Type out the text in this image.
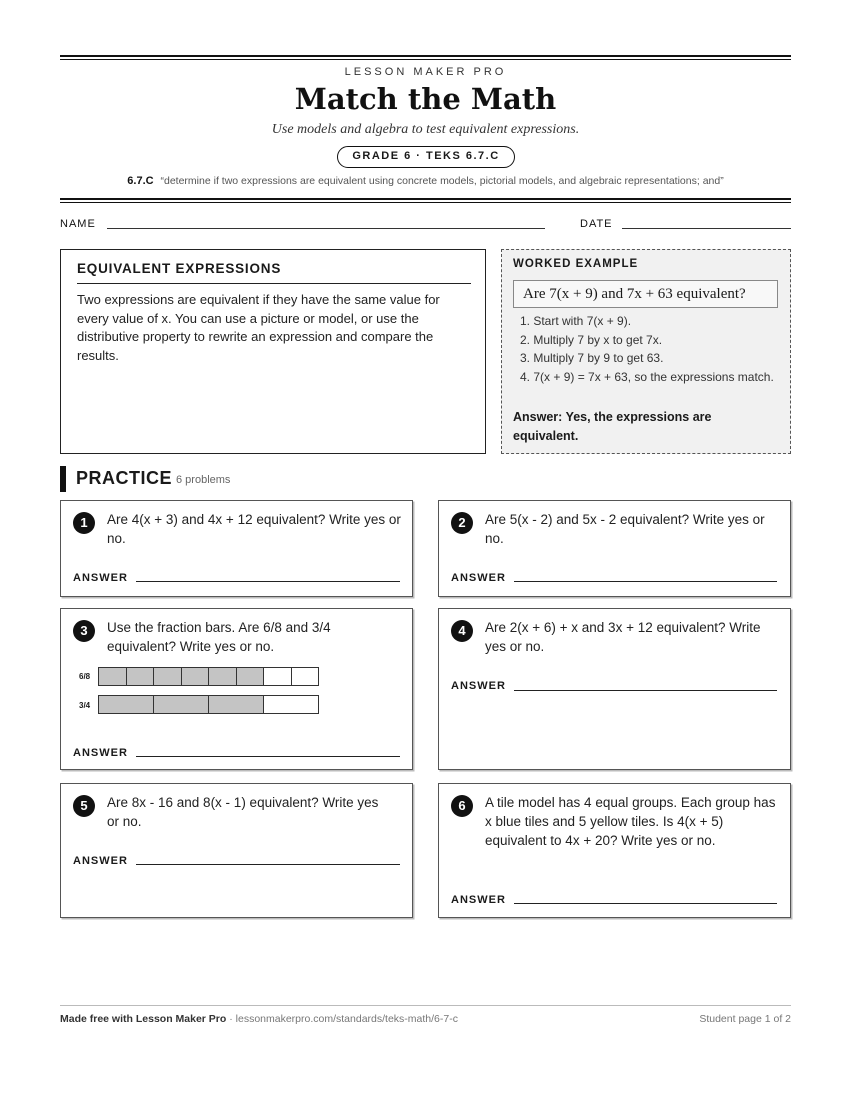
LESSON MAKER PRO
Match the Math
Use models and algebra to test equivalent expressions.
GRADE 6 · TEKS 6.7.C
6.7.C “determine if two expressions are equivalent using concrete models, pictorial models, and algebraic representations; and”
NAME	DATE
EQUIVALENT EXPRESSIONS
Two expressions are equivalent if they have the same value for every value of x. You can use a picture or model, or use the distributive property to rewrite an expression and compare the results.
WORKED EXAMPLE
Are 7(x + 9) and 7x + 63 equivalent?
1. Start with 7(x + 9).
2. Multiply 7 by x to get 7x.
3. Multiply 7 by 9 to get 63.
4. 7(x + 9) = 7x + 63, so the expressions match.
Answer: Yes, the expressions are equivalent.
PRACTICE 6 problems
1	Are 4(x + 3) and 4x + 12 equivalent? Write yes or no.
ANSWER
2	Are 5(x - 2) and 5x - 2 equivalent? Write yes or no.
ANSWER
3	Use the fraction bars. Are 6/8 and 3/4 equivalent? Write yes or no.
6/8
3/4
ANSWER
4	Are 2(x + 6) + x and 3x + 12 equivalent? Write yes or no.
ANSWER
5	Are 8x - 16 and 8(x - 1) equivalent? Write yes or no.
ANSWER
6	A tile model has 4 equal groups. Each group has x blue tiles and 5 yellow tiles. Is 4(x + 5) equivalent to 4x + 20? Write yes or no.
ANSWER
Made free with Lesson Maker Pro · lessonmakerpro.com/standards/teks-math/6-7-c	Student page 1 of 2
